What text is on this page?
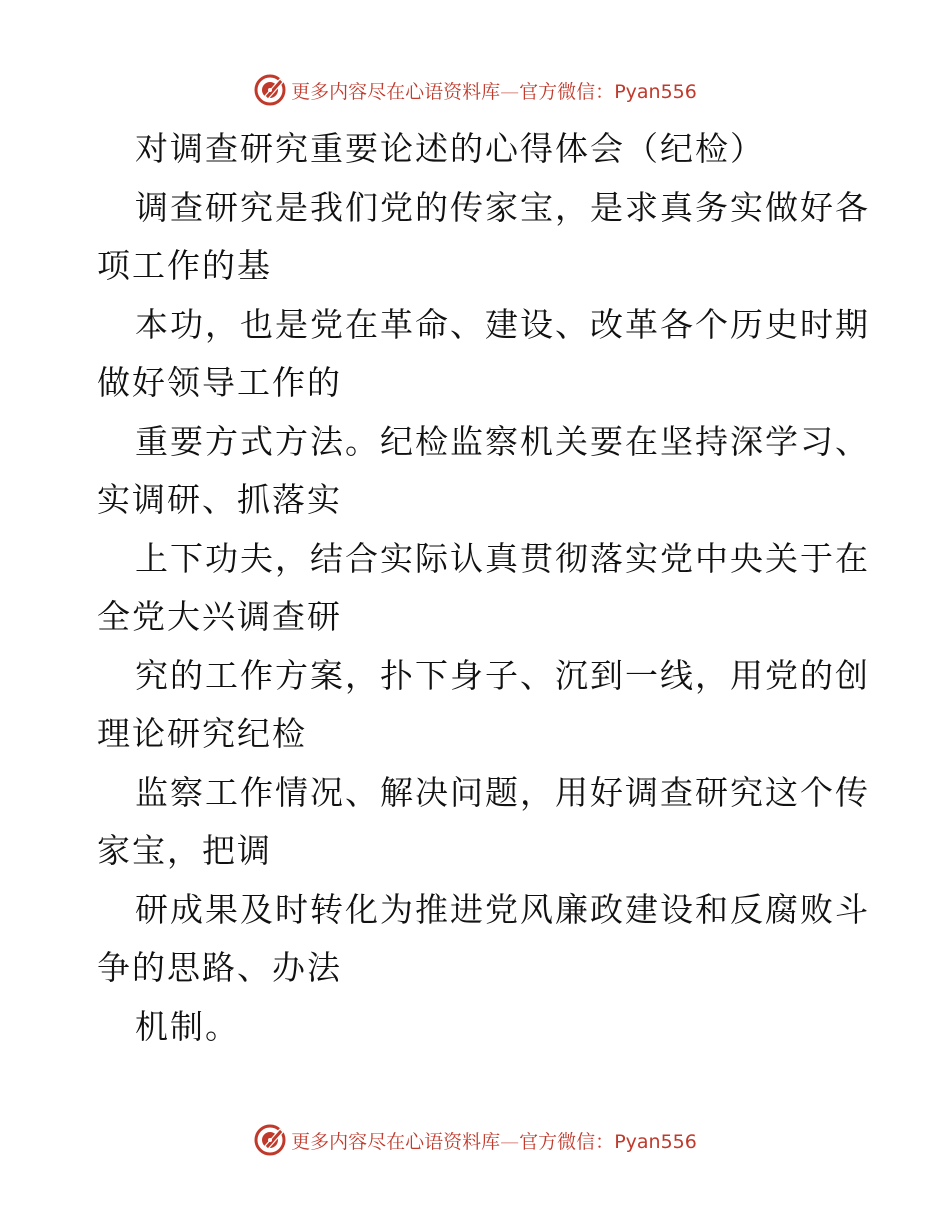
更多内容尽在心语资料库—官方微信：Pyan556
对调查研究重要论述的心得体会（纪检）
调查研究是我们党的传家宝，是求真务实做好各
项工作的基
本功，也是党在革命、建设、改革各个历史时期
做好领导工作的
重要方式方法。纪检监察机关要在坚持深学习、
实调研、抓落实
上下功夫，结合实际认真贯彻落实党中央关于在
全党大兴调查研
究的工作方案，扑下身子、沉到一线，用党的创
理论研究纪检
监察工作情况、解决问题，用好调查研究这个传
家宝，把调
研成果及时转化为推进党风廉政建设和反腐败斗
争的思路、办法
机制。
更多内容尽在心语资料库—官方微信：Pyan556
